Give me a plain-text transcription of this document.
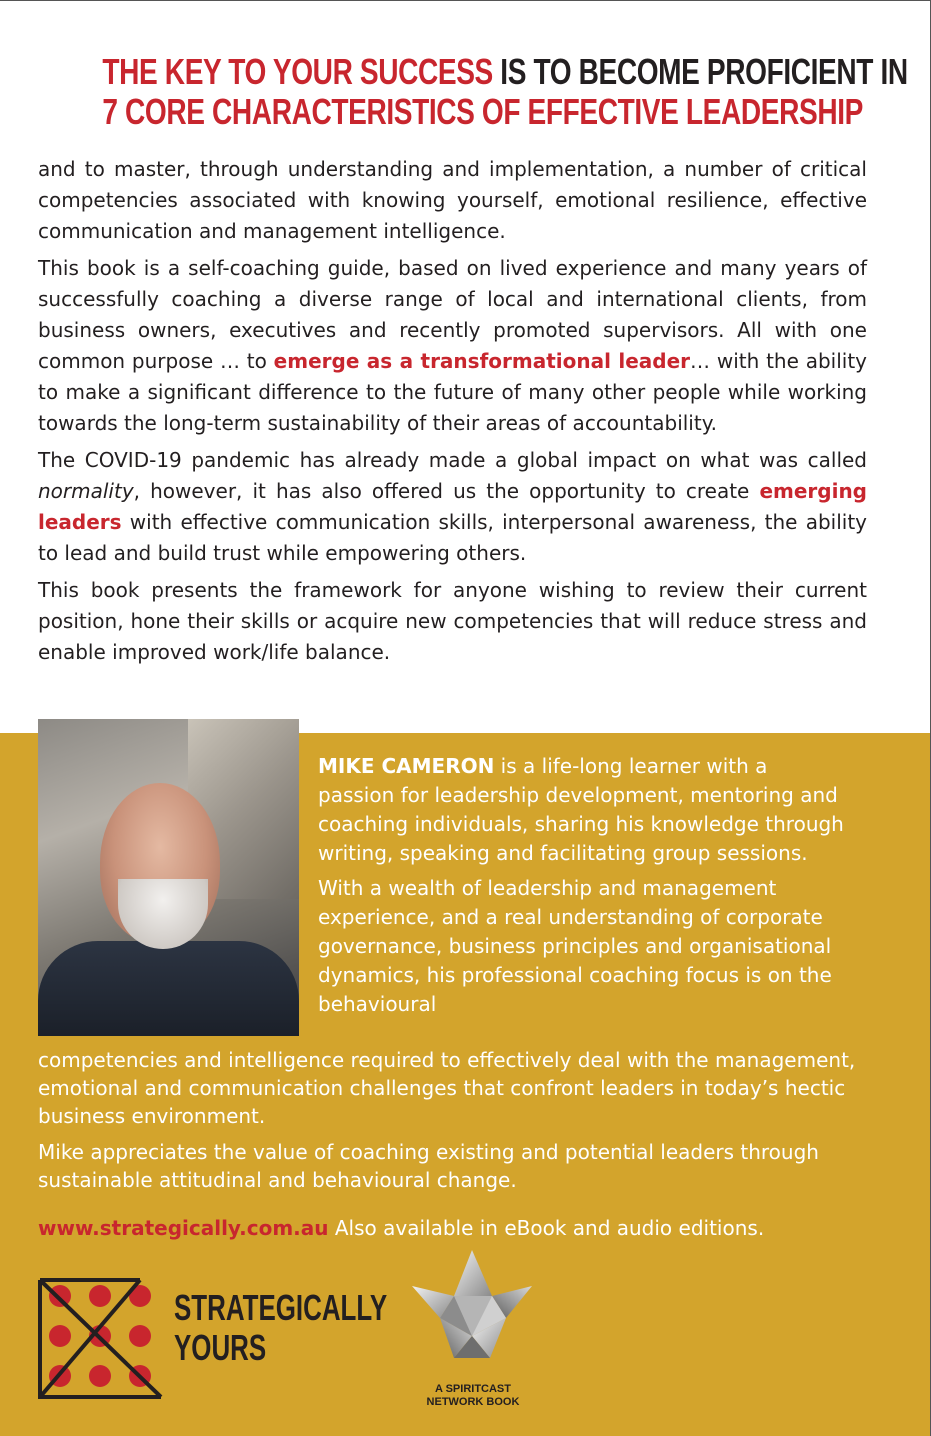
THE KEY TO YOUR SUCCESS IS TO BECOME PROFICIENT IN
7 CORE CHARACTERISTICS OF EFFECTIVE LEADERSHIP

and to master, through understanding and implementation, a number of critical competencies associated with knowing yourself, emotional resilience, effective communication and management intelligence.

This book is a self-coaching guide, based on lived experience and many years of successfully coaching a diverse range of local and international clients, from business owners, executives and recently promoted supervisors. All with one common purpose … to emerge as a transformational leader… with the ability to make a significant difference to the future of many other people while working towards the long-term sustainability of their areas of accountability.

The COVID-19 pandemic has already made a global impact on what was called normality, however, it has also offered us the opportunity to create emerging leaders with effective communication skills, interpersonal awareness, the ability to lead and build trust while empowering others.

This book presents the framework for anyone wishing to review their current position, hone their skills or acquire new competencies that will reduce stress and enable improved work/life balance.

MIKE CAMERON is a life-long learner with a passion for leadership development, mentoring and coaching individuals, sharing his knowledge through writing, speaking and facilitating group sessions.

With a wealth of leadership and management experience, and a real understanding of corporate governance, business principles and organisational dynamics, his professional coaching focus is on the behavioural

competencies and intelligence required to effectively deal with the management, emotional and communication challenges that confront leaders in today’s hectic business environment.

Mike appreciates the value of coaching existing and potential leaders through sustainable attitudinal and behavioural change.

www.strategically.com.au Also available in eBook and audio editions.
STRATEGICALLY
YOURS
A SPIRITCAST
NETWORK BOOK
